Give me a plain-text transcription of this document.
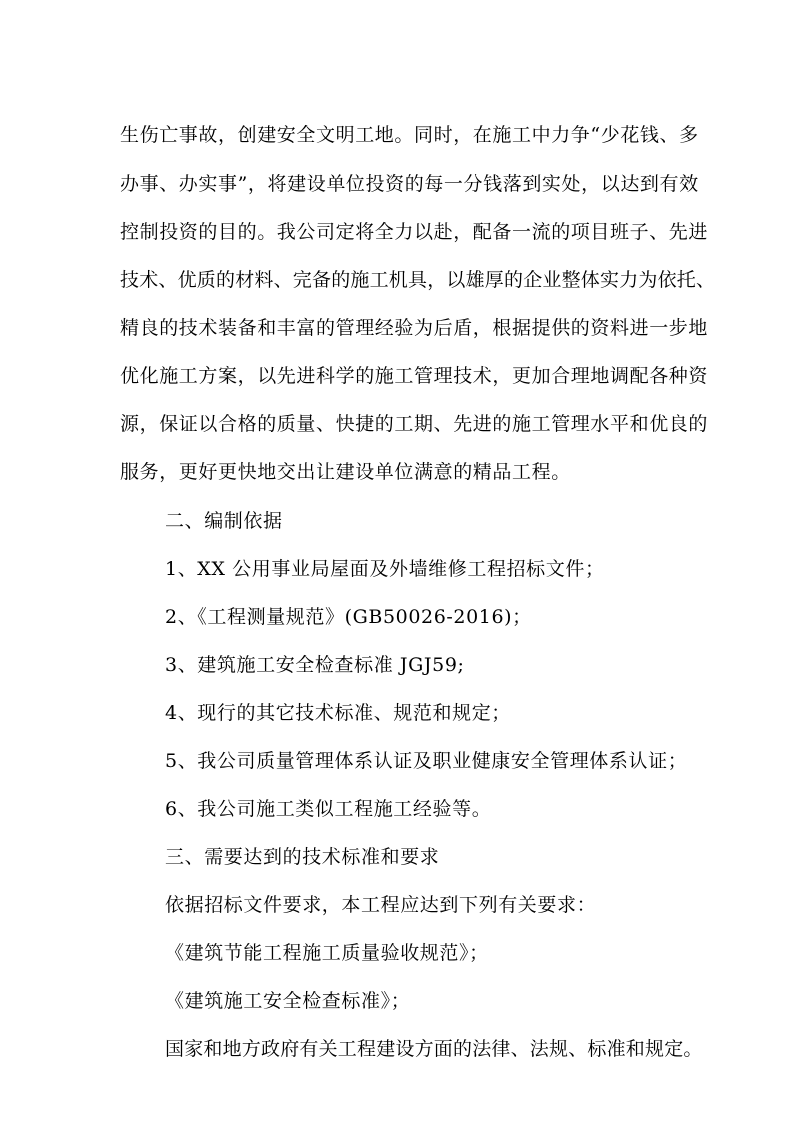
生伤亡事故，创建安全文明工地。同时，在施工中力争“少花钱、多
办事、办实事”，将建设单位投资的每一分钱落到实处，以达到有效
控制投资的目的。我公司定将全力以赴，配备一流的项目班子、先进
技术、优质的材料、完备的施工机具，以雄厚的企业整体实力为依托、
精良的技术装备和丰富的管理经验为后盾，根据提供的资料进一步地
优化施工方案，以先进科学的施工管理技术，更加合理地调配各种资
源，保证以合格的质量、快捷的工期、先进的施工管理水平和优良的
服务，更好更快地交出让建设单位满意的精品工程。
二、编制依据
1、XX 公用事业局屋面及外墙维修工程招标文件；
2、《工程测量规范》(GB50026-2016)；
3、建筑施工安全检查标准 JGJ59;
4、现行的其它技术标准、规范和规定；
5、我公司质量管理体系认证及职业健康安全管理体系认证；
6、我公司施工类似工程施工经验等。
三、需要达到的技术标准和要求
依据招标文件要求，本工程应达到下列有关要求：
《建筑节能工程施工质量验收规范》；
《建筑施工安全检查标准》；
国家和地方政府有关工程建设方面的法律、法规、标准和规定。
